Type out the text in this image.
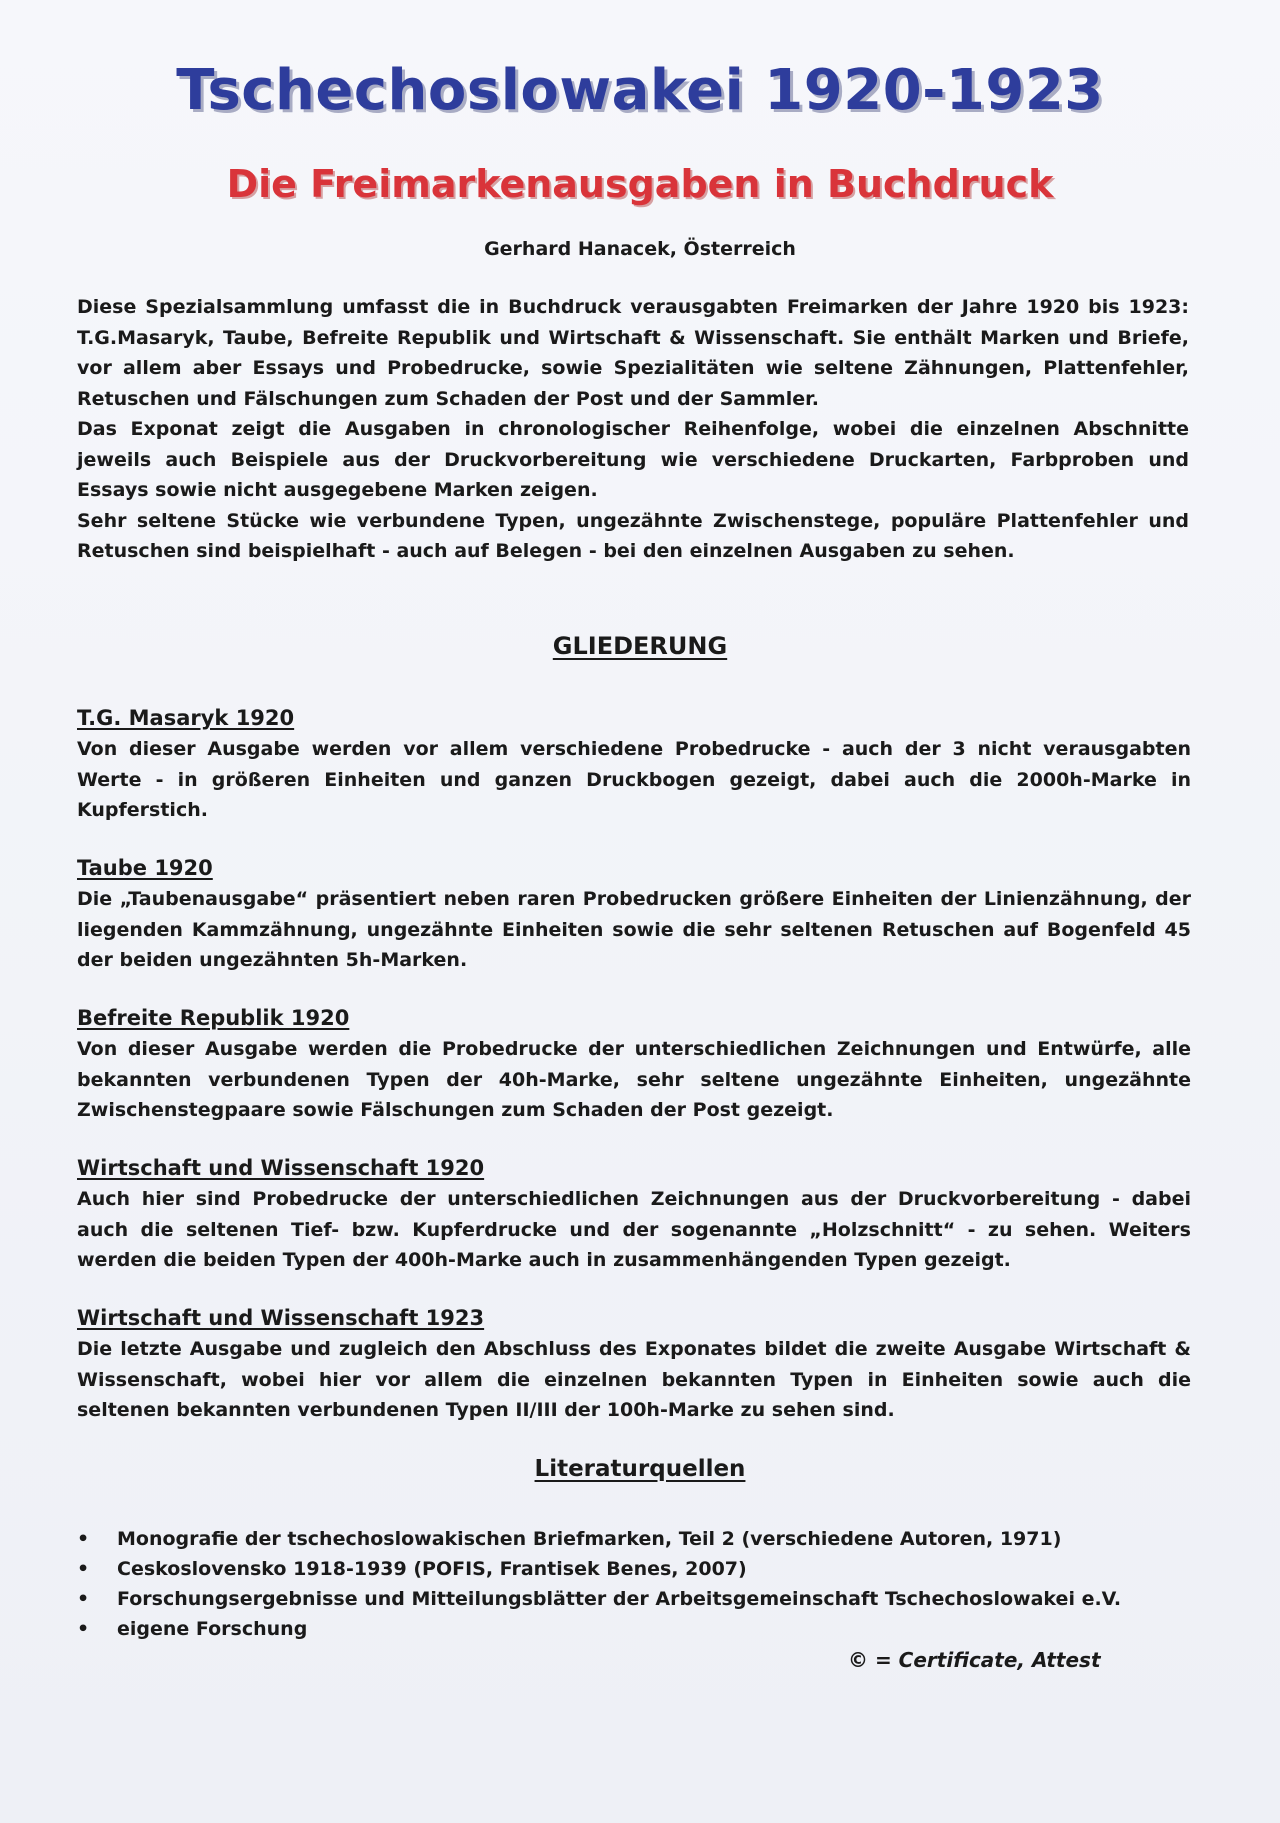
Tschechoslowakei 1920-1923
Die Freimarkenausgaben in Buchdruck
Gerhard Hanacek, Österreich

Diese Spezialsammlung umfasst die in Buchdruck verausgabten Freimarken der Jahre 1920 bis 1923: T.G.Masaryk, Taube, Befreite Republik und Wirtschaft & Wissenschaft. Sie enthält Marken und Briefe, vor allem aber Essays und Probedrucke, sowie Spezialitäten wie seltene Zähnungen, Plattenfehler, Retuschen und Fälschungen zum Schaden der Post und der Sammler.

Das Exponat zeigt die Ausgaben in chronologischer Reihenfolge, wobei die einzelnen Abschnitte jeweils auch Beispiele aus der Druckvorbereitung wie verschiedene Druckarten, Farbproben und Essays sowie nicht ausgegebene Marken zeigen.

Sehr seltene Stücke wie verbundene Typen, ungezähnte Zwischenstege, populäre Plattenfehler und Retuschen sind beispielhaft - auch auf Belegen - bei den einzelnen Ausgaben zu sehen.

GLIEDERUNG
T.G. Masaryk 1920

Von dieser Ausgabe werden vor allem verschiedene Probedrucke - auch der 3 nicht verausgabten Werte - in größeren Einheiten und ganzen Druckbogen gezeigt, dabei auch die 2000h-Marke in Kupferstich.

Taube 1920

Die „Taubenausgabe“ präsentiert neben raren Probedrucken größere Einheiten der Linienzähnung, der liegenden Kammzähnung, ungezähnte Einheiten sowie die sehr seltenen Retuschen auf Bogenfeld 45 der beiden ungezähnten 5h-Marken.

Befreite Republik 1920

Von dieser Ausgabe werden die Probedrucke der unterschiedlichen Zeichnungen und Entwürfe, alle bekannten verbundenen Typen der 40h-Marke, sehr seltene ungezähnte Einheiten, ungezähnte Zwischenstegpaare sowie Fälschungen zum Schaden der Post gezeigt.

Wirtschaft und Wissenschaft 1920

Auch hier sind Probedrucke der unterschiedlichen Zeichnungen aus der Druckvorbereitung - dabei auch die seltenen Tief- bzw. Kupferdrucke und der sogenannte „Holzschnitt“ - zu sehen. Weiters werden die beiden Typen der 400h-Marke auch in zusammenhängenden Typen gezeigt.

Wirtschaft und Wissenschaft 1923

Die letzte Ausgabe und zugleich den Abschluss des Exponates bildet die zweite Ausgabe Wirtschaft & Wissenschaft, wobei hier vor allem die einzelnen bekannten Typen in Einheiten sowie auch die seltenen bekannten verbundenen Typen II/III der 100h-Marke zu sehen sind.

Literaturquellen
• Monografie der tschechoslowakischen Briefmarken, Teil 2 (verschiedene Autoren, 1971)
• Ceskoslovensko 1918-1939 (POFIS, Frantisek Benes, 2007)
• Forschungsergebnisse und Mitteilungsblätter der Arbeitsgemeinschaft Tschechoslowakei e.V.
• eigene Forschung
© = Certificate, Attest
